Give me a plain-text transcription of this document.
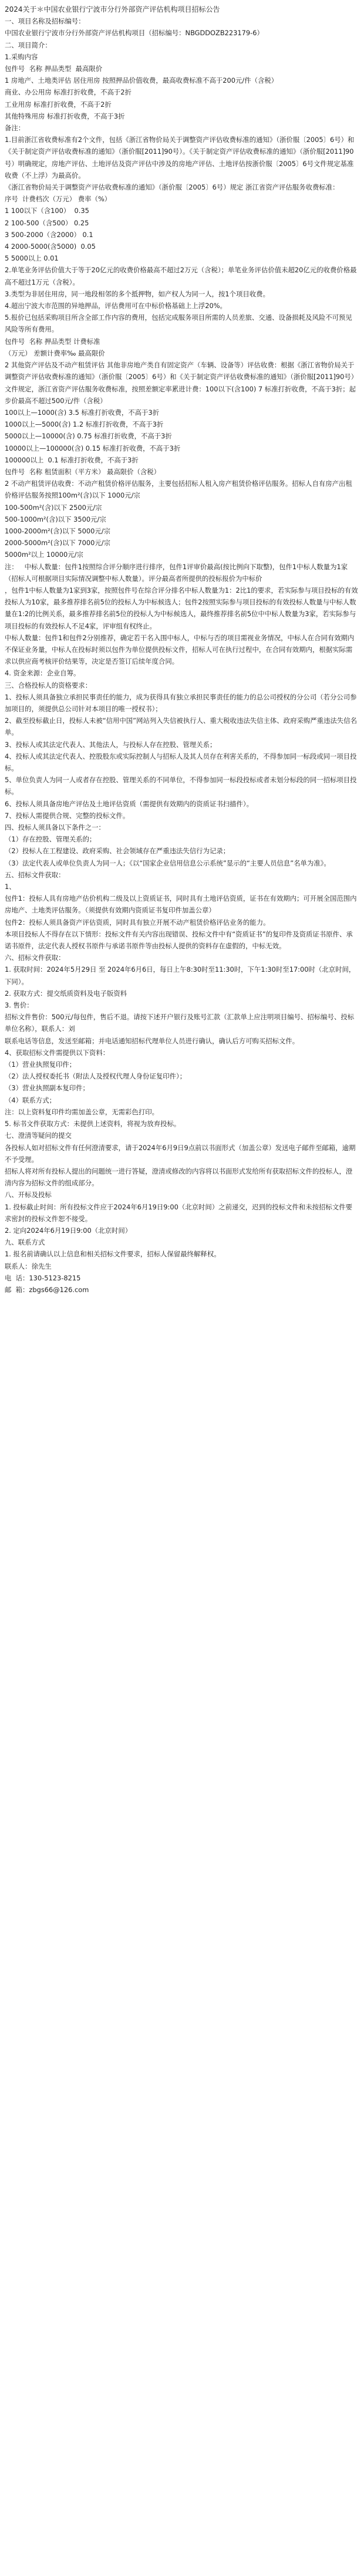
2024关于＊中国农业银行宁波市分行外部资产评估机构项目招标公告

一、项目名称及招标编号：

中国农业银行宁波市分行外部资产评估机构项目（招标编号：NBGDDOZB223179-6）

二、项目简介：

1.采购内容

包件号  名称 押品类型  最高限价

1 房地产、土地类评估 居住用房 按照押品价值收费，最高收费标准不高于200元/件（含税）

商业、办公用房 标准打折收费，不高于2折

工业用房 标准打折收费，不高于2折

其他特殊用房 标准打折收费，不高于3折

备注：

1.目前浙江省收费标准有2个文件，包括《浙江省物价局关于调整资产评估收费标准的通知》（浙价服〔2005〕6号）和《关于制定资产评估收费标准的通知》（浙价服[2011]90号）。《关于制定资产评估收费标准的通知》（浙价服[2011]90号）明确规定，房地产评估、土地评估及资产评估中涉及的房地产评估、土地评估按浙价服〔2005〕6号文件规定基准收费（不上浮）为最高价。

《浙江省物价局关于调整资产评估收费标准的通知》（浙价服〔2005〕6号）规定 浙江省资产评估服务收费标准：

序号  计费档次（万元） 费率（%）

1 100以下（含100）  0.35

2 100-500（含500） 0.25

3 500-2000（含2000） 0.1

4 2000-5000(含5000)  0.05

5 5000以上 0.01

2.单笔业务评估价值大于等于20亿元的收费价格最高不超过2万元（含税）；单笔业务评估价值未超20亿元的收费价格最高不超过1万元（含税）。

3.类型为非居住用房，同一地段相邻的多个抵押物，如产权人为同一人，按1个项目收费。

4.超出宁波大市范围的异地押品，评估费用可在中标价格基础上上浮20%。

5.报价已包括采购项目所含全部工作内容的费用，包括完成服务项目所需的人员差旅、交通、设备损耗及风险不可预见风险等所有费用。

包件号  名称 押品类型 计费标准

（万元） 差额计费率‰ 最高限价

2 其他资产评估及不动产租赁评估 其他非房地产类自有固定资产（车辆、设备等）评估收费：根据《浙江省物价局关于调整资产评估收费标准的通知》（浙价服〔2005〕6号）和《关于制定资产评估收费标准的通知》（浙价服[2011]90号）文件规定，浙江省资产评估服务收费标准，按照差额定率累进计费：100以下(含100) 7 标准打折收费，不高于3折；起步价最高不超过500元/件（含税）

100以上—1000(含) 3.5 标准打折收费，不高于3折

1000以上—5000(含) 1.2 标准打折收费，不高于3折

5000以上—10000(含) 0.75 标准打折收费，不高于3折

10000以上—100000(含) 0.15 标准打折收费，不高于3折

100000以上  0.1 标准打折收费，不高于3折

包件号  名称 租赁面积（平方米） 最高限价（含税）

2 不动产租赁评估收费：不动产租赁价格评估服务，主要包括招标人租入房产租赁价格评估服务。招标人自有房产出租价格评估服务按照100m²(含)以下 1000元/宗

100-500m²(含)以下 2500元/宗

500-1000m²(含)以下 3500元/宗

1000-2000m²(含)以下 5000元/宗

2000-5000m²(含)以下 7000元/宗

5000m²以上 10000元/宗

注：   中标人数量：包件1按照综合评分顺序进行排序，包件1评审价最高(按比例向下取整)，包件1中标人数量为1家（招标人可根据项目实际情况调整中标人数量）。评分最高者所提供的投标报价为中标价

，包件1中标人数量为1家到3家，按照包件号在综合评分排名中标人数量为1：2比1的要求，若实际参与项目投标的有效投标人为10家，最多推荐排名前5位的投标人为中标候选人；包件2按照实际参与项目投标的有效投标人数量与中标人数量在1:2的比例关系，最多推荐排名前5位的投标人为中标候选人，最终推荐排名前5位中中标人数量为3家，若实际参与项目投标的有效投标人不足4家，评审组有权终止。

中标人数量：包件1和包件2分别推荐，确定若干名入围中标人，中标与否的项目需视业务情况，中标人在合同有效期内不保证业务量，中标人在投标时须以包件为单位提供投标文件，招标人可在执行过程中，在合同有效期内，根据实际需求以供应商考核评价结果等，决定是否签订后续年度合同。

4. 资金来源：企业自筹。

三、合格投标人的资格要求：

1、投标人须具备独立承担民事责任的能力，成为获得具有独立承担民事责任的能力的总公司授权的分公司（若分公司参加项目的，须提供总公司针对本项目的唯一授权书）；

2、截至投标截止日，投标人未被“信用中国”网站列入失信被执行人、重大税收违法失信主体、政府采购严重违法失信名单。

3、投标人或其法定代表人、其他法人，与投标人存在控股、管理关系；

4、投标人或其法定代表人、控股股东或实际控制人与招标人及其人员存在利害关系的，不得参加同一标段或同一项目投标。

5、单位负责人为同一人或者存在控股、管理关系的不同单位，不得参加同一标段投标或者未划分标段的同一招标项目投标。

6、投标人须具备房地产评估及土地评估资质（需提供有效期内的资质证书扫描件）。

7、投标人需提供合规、完整的投标文件。

四、投标人须具备以下条件之一：

（1）存在控股、管理关系的；

（2）投标人在工程建设、政府采购、社会领域存在严重违法失信行为记录；

（3）法定代表人或单位负责人为同一人；《以“国家企业信用信息公示系统”显示的“主要人员信息”名单为准》。

五、招标文件获取：

1、

包件1：投标人具有房地产估价机构二级及以上资质证书，同时具有土地评估资质，证书在有效期内；可开展全国范围内房地产、土地类评估服务。（须提供有效期内资质证书复印件加盖公章）

包件2：投标人须具备资产评估资质，同时具有独立开展不动产租赁价格评估业务的能力。

本项目投标人不得存在以下情形：投标文件有关内容出现错误、投标文件中有“资质证书”的复印件及资质证书原件、承诺书原件，法定代表人授权书原件与承诺书原件等由投标人提供的资料存在虚假的，中标无效。

六、招标文件获取：

1. 获取时间：2024年5月29日 至 2024年6月6日，每日上午8:30时至11:30时，下午1:30时至17:00时（北京时间，下同）。

2. 获取方式：提交纸质资料及电子版资料

3. 售价：

招标文件售价：500元/每包件，售后不退。请按下述开户银行及账号汇款（汇款单上应注明项目编号、招标编号、投标单位名称），联系人：刘

联系电话等信息，发送至邮箱；并电话通知招标代理单位人员进行确认，确认后方可购买招标文件。

4、获取招标文件需提供以下资料：

（1）营业执照复印件；

（2）法人授权委托书（附法人及授权代理人身份证复印件）；

（3）营业执照副本复印件；

（4）联系方式；

注：以上资料复印件均需加盖公章，无需彩色打印。

5. 标书文件获取方式：未提供上述资料，将视为放弃投标。

七、澄清等疑问的提交

各投标人如对招标文件有任何澄清要求，请于2024年6月9日9点前以书面形式（加盖公章）发送电子邮件至邮箱，逾期不予受理。

招标人将对所有投标人提出的问题统一进行答疑，澄清或修改的内容将以书面形式发给所有获取招标文件的投标人，澄清内容为招标文件的组成部分。

八、开标及投标

1. 投标截止时间：所有投标文件应于2024年6月19日9:00（北京时间）之前递交，迟到的投标文件和未按招标文件要求密封的投标文件恕不接受。

2. 定向2024年6月19日9:00（北京时间）

九、联系方式

1. 报名前请确认以上信息和相关招标文件要求，招标人保留最终解释权。

联系人：徐先生

电  话：130-5123-8215

邮  箱：zbgs66@126.com
